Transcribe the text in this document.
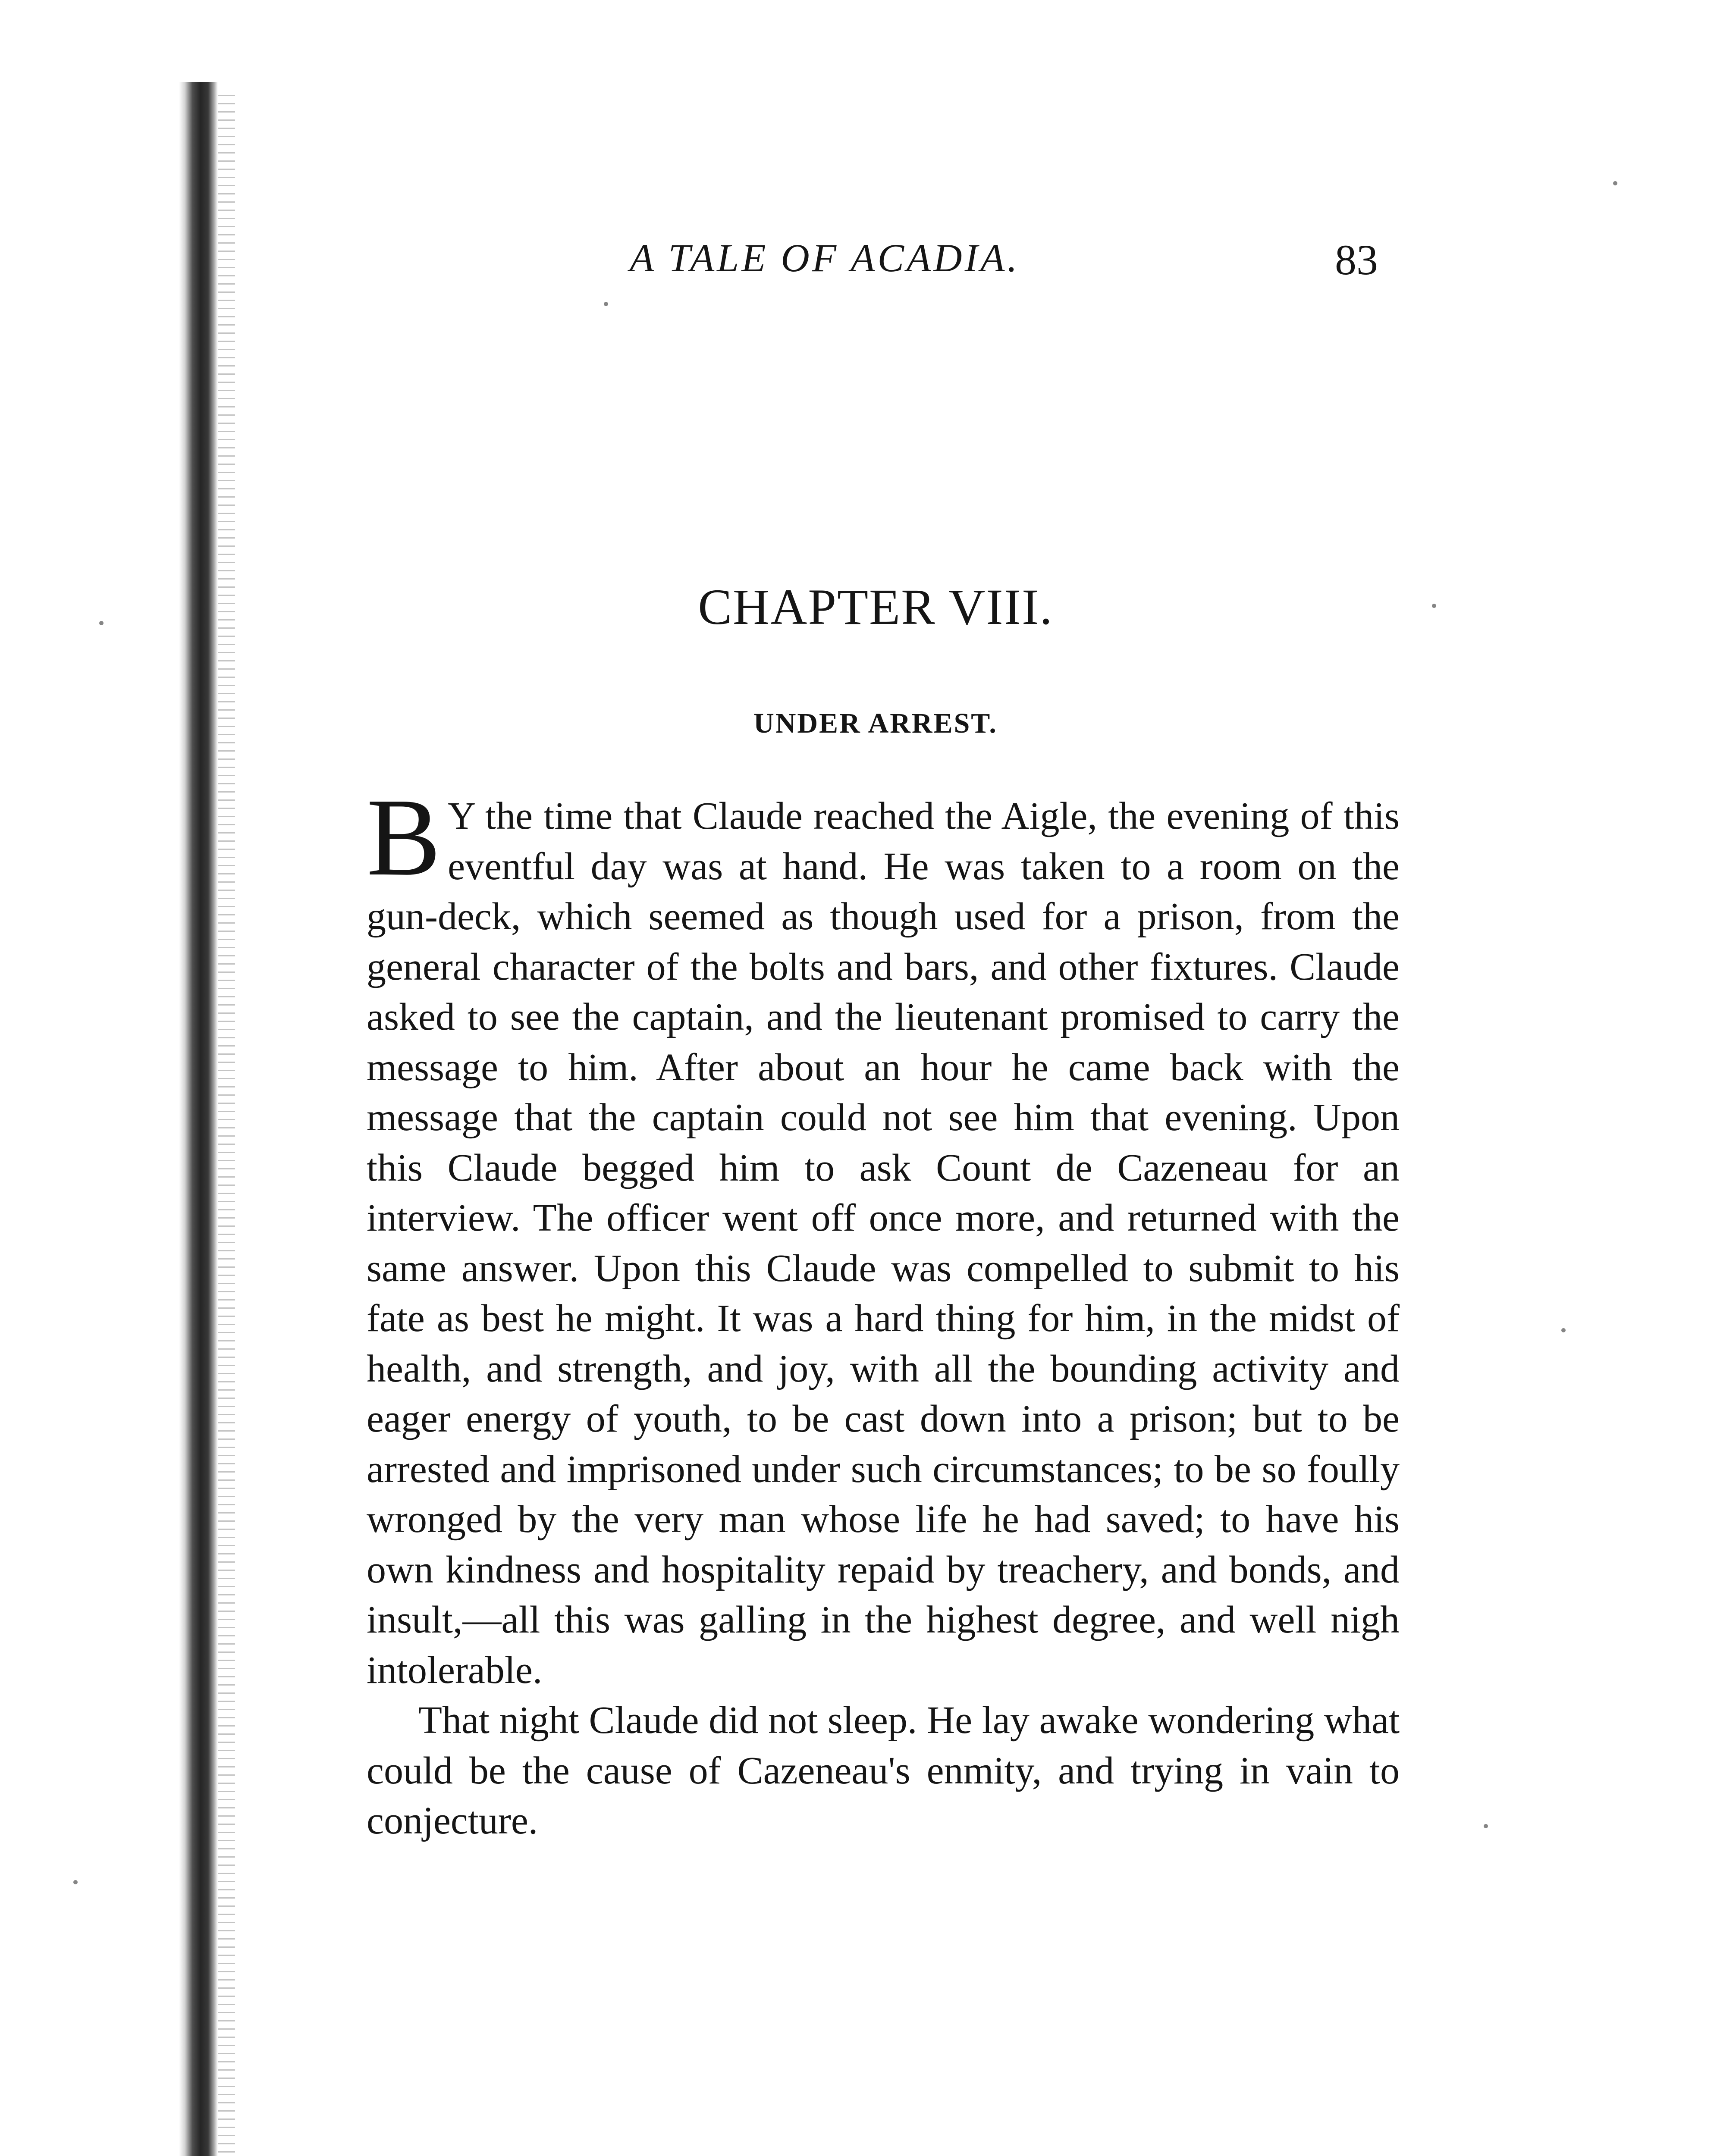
A TALE OF ACADIA.	83
CHAPTER VIII.
UNDER ARREST.

B Y the time that Claude reached the Aigle, the evening of this eventful day was at hand. He was taken to a room on the gun-deck, which seemed as though used for a prison, from the general character of the bolts and bars, and other fixtures. Claude asked to see the captain, and the lieutenant promised to carry the message to him. After about an hour he came back with the message that the captain could not see him that evening. Upon this Claude begged him to ask Count de Cazeneau for an interview. The officer went off once more, and returned with the same answer. Upon this Claude was compelled to submit to his fate as best he might. It was a hard thing for him, in the midst of health, and strength, and joy, with all the bounding activity and eager energy of youth, to be cast down into a prison; but to be arrested and imprisoned under such circumstances; to be so foully wronged by the very man whose life he had saved; to have his own kindness and hospitality repaid by treachery, and bonds, and insult,—all this was galling in the highest degree, and well nigh intolerable.

That night Claude did not sleep. He lay awake wondering what could be the cause of Cazeneau's enmity, and trying in vain to conjecture.
